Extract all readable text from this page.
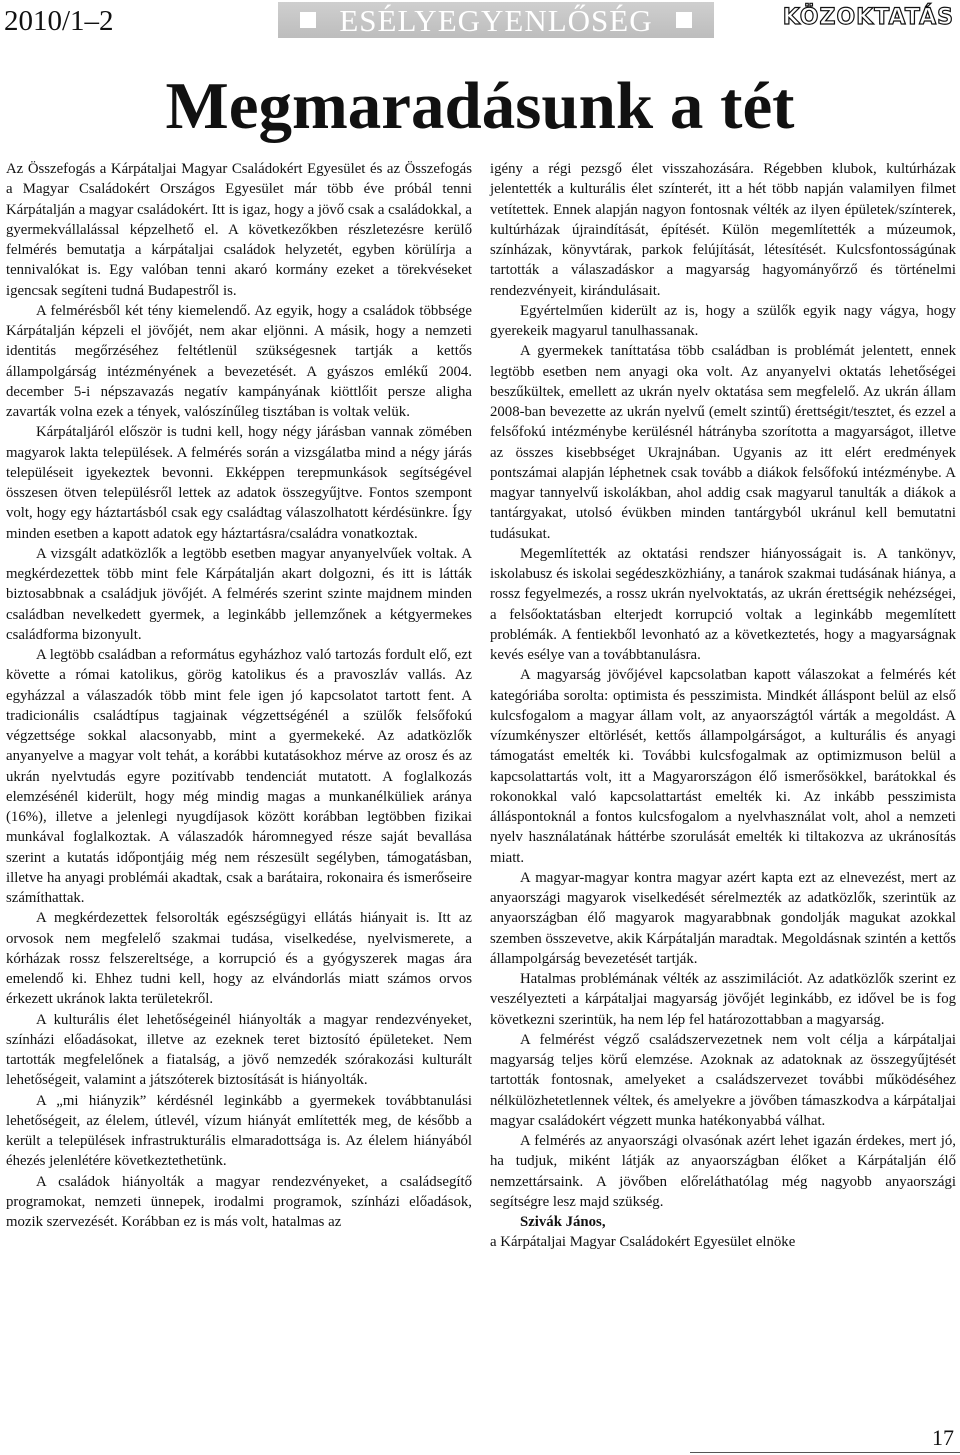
2010/1–2	ESÉLYEGYENLŐSÉG	KÖZOKTATÁS
Megmaradásunk a tét

Az Összefogás a Kárpátaljai Magyar Családokért Egyesület és az Összefogás a Magyar Családokért Országos Egyesület már több éve próbál tenni Kárpátalján a magyar családokért. Itt is igaz, hogy a jövő csak a családokkal, a gyermekvállalással képzelhető el. A következőkben részletezésre kerülő felmérés bemutatja a kárpátaljai családok helyzetét, egyben körülírja a tennivalókat is. Egy valóban tenni akaró kormány ezeket a törekvéseket igencsak segíteni tudná Budapestről is.

A felmérésből két tény kiemelendő. Az egyik, hogy a családok többsége Kárpátalján képzeli el jövőjét, nem akar eljönni. A másik, hogy a nemzeti identitás megőrzéséhez feltétlenül szükségesnek tartják a kettős állampolgárság intézményének a bevezetését. A gyászos emlékű 2004. december 5-i népszavazás negatív kampányának kiöttlőit persze aligha zavarták volna ezek a tények, valószínűleg tisztában is voltak velük.

Kárpátaljáról először is tudni kell, hogy négy járásban vannak zömében magyarok lakta települések. A felmérés során a vizsgálatba mind a négy járás településeit igyekeztek bevonni. Ekképpen terepmunkások segítségével összesen ötven településről lettek az adatok összegyűjtve. Fontos szempont volt, hogy egy háztartásból csak egy családtag válaszolhatott kérdésünkre. Így minden esetben a kapott adatok egy háztartásra/családra vonatkoztak.

A vizsgált adatközlők a legtöbb esetben magyar anyanyelvűek voltak. A megkérdezettek több mint fele Kárpátalján akart dolgozni, és itt is látták biztosabbnak a családjuk jövőjét. A felmérés szerint szinte majdnem minden családban nevelkedett gyermek, a leginkább jellemzőnek a kétgyermekes családforma bizonyult.

A legtöbb családban a református egyházhoz való tartozás fordult elő, ezt követte a római katolikus, görög katolikus és a pravoszláv vallás. Az egyházzal a válaszadók több mint fele igen jó kapcsolatot tartott fent. A tradicionális családtípus tagjainak végzettségénél a szülők felsőfokú végzettsége sokkal alacsonyabb, mint a gyermekeké. Az adatközlők anyanyelve a magyar volt tehát, a korábbi kutatásokhoz mérve az orosz és az ukrán nyelvtudás egyre pozitívabb tendenciát mutatott. A foglalkozás elemzésénél kiderült, hogy még mindig magas a munkanélküliek aránya (16%), illetve a jelenlegi nyugdíjasok között korábban legtöbben fizikai munkával foglalkoztak. A válaszadók háromnegyed része saját bevallása szerint a kutatás időpontjáig még nem részesült segélyben, támogatásban, illetve ha anyagi problémái akadtak, csak a barátaira, rokonaira és ismerőseire számíthattak.

A megkérdezettek felsorolták egészségügyi ellátás hiányait is. Itt az orvosok nem megfelelő szakmai tudása, viselkedése, nyelvismerete, a kórházak rossz felszereltsége, a korrupció és a gyógyszerek magas ára emelendő ki. Ehhez tudni kell, hogy az elvándorlás miatt számos orvos érkezett ukránok lakta területekről.

A kulturális élet lehetőségeinél hiányolták a magyar rendezvényeket, színházi előadásokat, illetve az ezeknek teret biztosító épületeket. Nem tartották megfelelőnek a fiatalság, a jövő nemzedék szórakozási kulturált lehetőségeit, valamint a játszóterek biztosítását is hiányolták.

A „mi hiányzik” kérdésnél leginkább a gyermekek továbbtanulási lehetőségeit, az élelem, útlevél, vízum hiányát említették meg, de később a került a települések infrastrukturális elmaradottsága is. Az élelem hiányából éhezés jelenlétére következtethetünk.

A családok hiányolták a magyar rendezvényeket, a családsegítő programokat, nemzeti ünnepek, irodalmi programok, színházi előadások, mozik szervezését. Korábban ez is más volt, hatalmas az

igény a régi pezsgő élet visszahozására. Régebben klubok, kultúrházak jelentették a kulturális élet színterét, itt a hét több napján valamilyen filmet vetítettek. Ennek alapján nagyon fontosnak vélték az ilyen épületek/színterek, kultúrházak újraindítását, építését. Külön megemlítették a múzeumok, színházak, könyvtárak, parkok felújítását, létesítését. Kulcsfontosságúnak tartották a válaszadáskor a magyarság hagyományőrző és történelmi rendezvényeit, kirándulásait.

Egyértelműen kiderült az is, hogy a szülők egyik nagy vágya, hogy gyerekeik magyarul tanulhassanak.

A gyermekek taníttatása több családban is problémát jelentett, ennek legtöbb esetben nem anyagi oka volt. Az anyanyelvi oktatás lehetőségei beszűkültek, emellett az ukrán nyelv oktatása sem megfelelő. Az ukrán állam 2008-ban bevezette az ukrán nyelvű (emelt szintű) érettségit/tesztet, és ezzel a felsőfokú intézménybe kerülésnél hátrányba szorította a magyarságot, illetve az összes kisebbséget Ukrajnában. Ugyanis az itt elért eredmények pontszámai alapján léphetnek csak tovább a diákok felsőfokú intézménybe. A magyar tannyelvű iskolákban, ahol addig csak magyarul tanulták a diákok a tantárgyakat, utolsó évükben minden tantárgyból ukránul kell bemutatni tudásukat.

Megemlítették az oktatási rendszer hiányosságait is. A tankönyv, iskolabusz és iskolai segédeszközhiány, a tanárok szakmai tudásának hiánya, a rossz fegyelmezés, a rossz ukrán nyelvoktatás, az ukrán érettségik nehézségei, a felsőoktatásban elterjedt korrupció voltak a leginkább megemlített problémák. A fentiekből levonható az a következtetés, hogy a magyarságnak kevés esélye van a továbbtanulásra.

A magyarság jövőjével kapcsolatban kapott válaszokat a felmérés két kategóriába sorolta: optimista és pesszimista. Mindkét álláspont belül az első kulcsfogalom a magyar állam volt, az anyaországtól várták a megoldást. A vízumkényszer eltörlését, kettős állampolgárságot, a kulturális és anyagi támogatást emelték ki. További kulcsfogalmak az optimizmuson belül a kapcsolattartás volt, itt a Magyarországon élő ismerősökkel, barátokkal és rokonokkal való kapcsolattartást emelték ki. Az inkább pesszimista álláspontoknál a fontos kulcsfogalom a nyelvhasználat volt, ahol a nemzeti nyelv használatának háttérbe szorulását emelték ki tiltakozva az ukránosítás miatt.

A magyar-magyar kontra magyar azért kapta ezt az elnevezést, mert az anyaországi magyarok viselkedését sérelmezték az adatközlők, szerintük az anyaországban élő magyarok magyarabbnak gondolják magukat azokkal szemben összevetve, akik Kárpátalján maradtak. Megoldásnak szintén a kettős állampolgárság bevezetését tartják.

Hatalmas problémának vélték az asszimilációt. Az adatközlők szerint ez veszélyezteti a kárpátaljai magyarság jövőjét leginkább, ez idővel be is fog következni szerintük, ha nem lép fel határozottabban a magyarság.

A felmérést végző családszervezetnek nem volt célja a kárpátaljai magyarság teljes körű elemzése. Azoknak az adatoknak az összegyűjtését tartották fontosnak, amelyeket a családszervezet további működéséhez nélkülözhetetlennek véltek, és amelyekre a jövőben támaszkodva a kárpátaljai magyar családokért végzett munka hatékonyabbá válhat.

A felmérés az anyaországi olvasónak azért lehet igazán érdekes, mert jó, ha tudjuk, miként látják az anyaországban élőket a Kárpátalján élő nemzettársaink. A jövőben előreláthatólag még nagyobb anyaországi segítségre lesz majd szükség.

Szivák János,
a Kárpátaljai Magyar Családokért Egyesület elnöke

17
